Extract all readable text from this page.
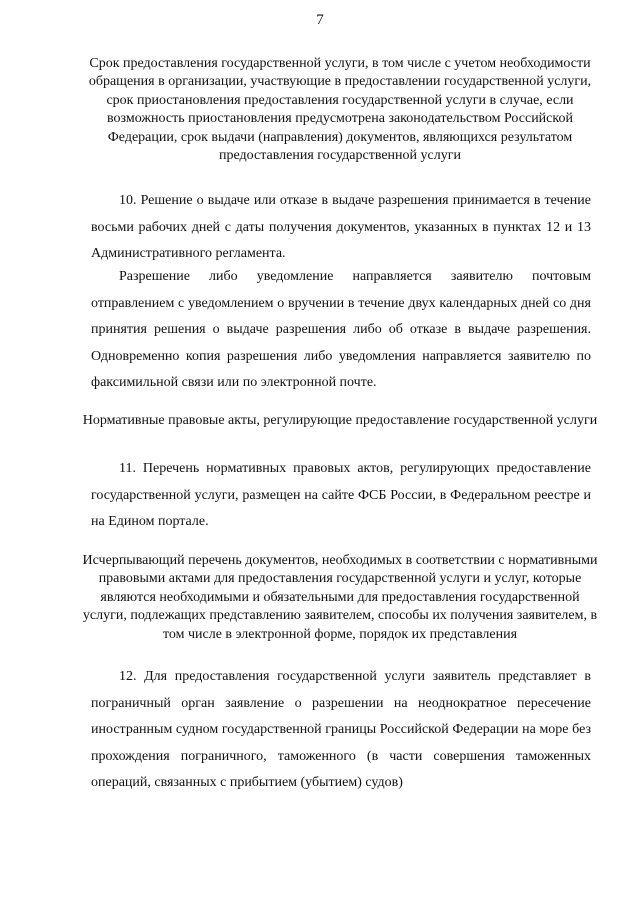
7
Срок предоставления государственной услуги, в том числе с учетом необходимости обращения в организации, участвующие в предоставлении государственной услуги, срок приостановления предоставления государственной услуги в случае, если возможность приостановления предусмотрена законодательством Российской Федерации, срок выдачи (направления) документов, являющихся результатом предоставления государственной услуги
10. Решение о выдаче или отказе в выдаче разрешения принимается в течение восьми рабочих дней с даты получения документов, указанных в пунктах 12 и 13 Административного регламента.
Разрешение либо уведомление направляется заявителю почтовым отправлением с уведомлением о вручении в течение двух календарных дней со дня принятия решения о выдаче разрешения либо об отказе в выдаче разрешения. Одновременно копия разрешения либо уведомления направляется заявителю по факсимильной связи или по электронной почте.
Нормативные правовые акты, регулирующие предоставление государственной услуги
11. Перечень нормативных правовых актов, регулирующих предоставление государственной услуги, размещен на сайте ФСБ России, в Федеральном реестре и на Едином портале.
Исчерпывающий перечень документов, необходимых в соответствии с нормативными правовыми актами для предоставления государственной услуги и услуг, которые являются необходимыми и обязательными для предоставления государственной услуги, подлежащих представлению заявителем, способы их получения заявителем, в том числе в электронной форме, порядок их представления
12. Для предоставления государственной услуги заявитель представляет в пограничный орган заявление о разрешении на неоднократное пересечение иностранным судном государственной границы Российской Федерации на море без прохождения пограничного, таможенного (в части совершения таможенных операций, связанных с прибытием (убытием) судов)
